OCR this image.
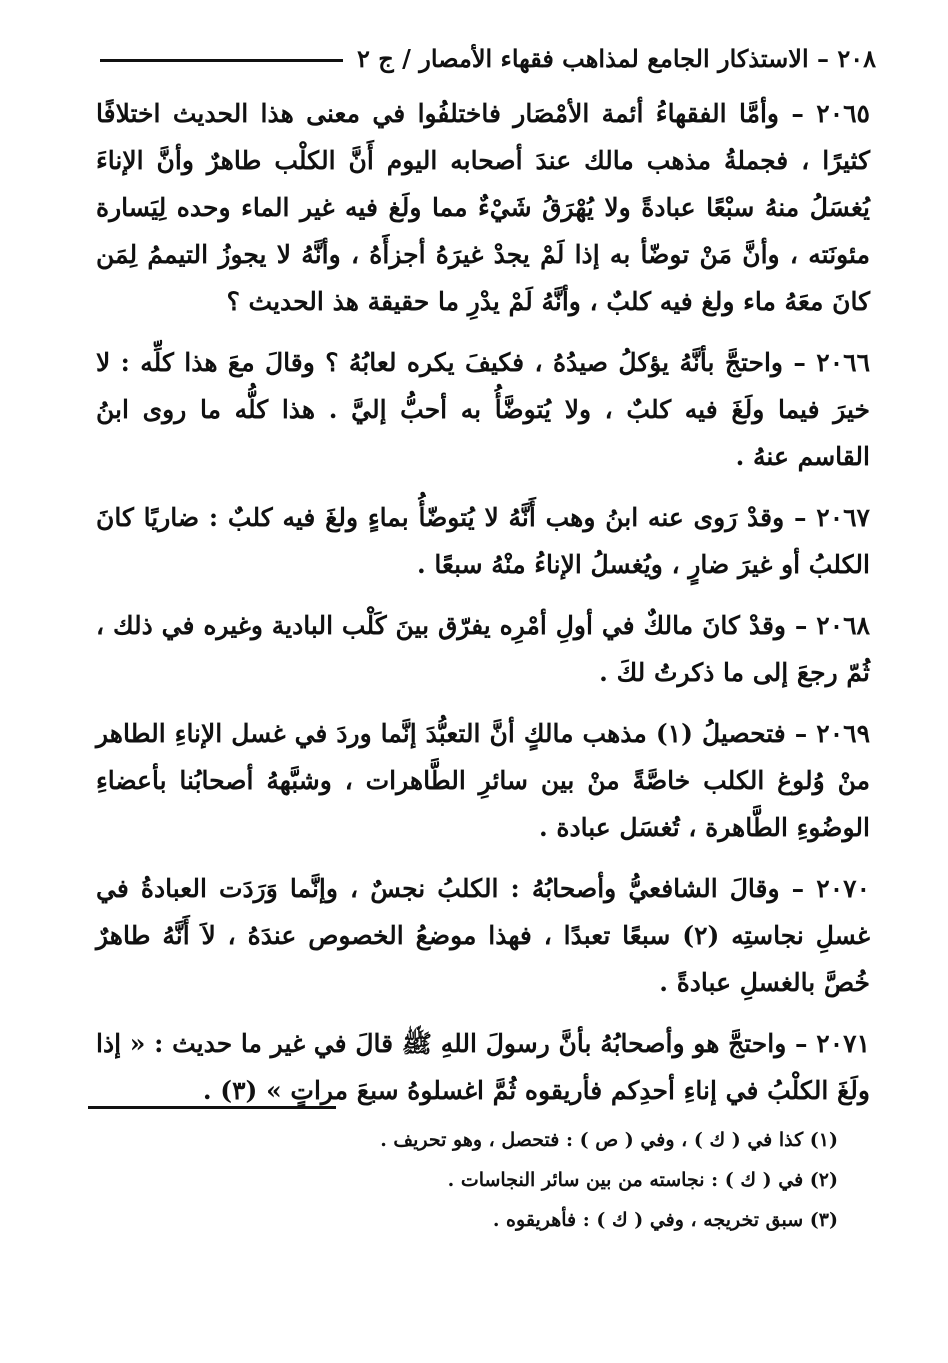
٢٠٨ – الاستذكار الجامع لمذاهب فقهاء الأمصار / ج ٢

٢٠٦٥ – وأمَّا الفقهاءُ أئمة الأمْصَار فاختلفُوا في معنى هذا الحديث اختلافًا كثيرًا ، فجملةُ مذهب مالك عندَ أصحابه اليوم أَنَّ الكلْب طاهرٌ وأنَّ الإناءَ يُغسَلُ منهُ سبْعًا عبادةً ولا يُهْرَقُ شَيْءٌ مما ولَغ فيه غير الماء وحده لِيَسارة مئونَته ، وأنَّ مَنْ توضّأ به إذا لَمْ يجدْ غيرَهُ أجزأَهُ ، وأنَّهُ لا يجوزُ التيممُ لِمَن كانَ معَهُ ماء ولغ فيه كلبٌ ، وأنَّهُ لَمْ يدْرِ ما حقيقة هذ الحديث ؟

٢٠٦٦ – واحتجَّ بأنَّهُ يؤكلُ صيدُهُ ، فكيفَ يكره لعابُهُ ؟ وقالَ معَ هذا كلِّه : لا خيرَ فيما ولَغَ فيه كلبٌ ، ولا يُتوضَّأُ به أحبُّ إليَّ . هذا كلُّه ما روى ابنُ القاسم عنهُ .

٢٠٦٧ – وقدْ رَوى عنه ابنُ وهب أَنَّهُ لا يُتوضّأُ بماءٍ ولغَ فيه كلبٌ : ضاريًا كانَ الكلبُ أو غيرَ ضارٍ ، ويُغسلُ الإناءُ منْهُ سبعًا .

٢٠٦٨ – وقدْ كانَ مالكٌ في أولِ أمْرِه يفرّق بينَ كَلْب البادية وغيره في ذلك ، ثُمّ رجعَ إلى ما ذكرتُ لكَ .

٢٠٦٩ – فتحصيلُ (١) مذهب مالكٍ أنَّ التعبُّدَ إنَّما وردَ في غسل الإناءِ الطاهر منْ وُلوغ الكلب خاصَّةً منْ بين سائرِ الطَّاهرات ، وشبَّههُ أصحابُنا بأعضاءِ الوضُوءِ الطَّاهرة ، تُغسَل عبادة .

٢٠٧٠ – وقالَ الشافعيُّ وأصحابُهُ : الكلبُ نجسٌ ، وإنَّما وَرَدَت العبادةُ في غسلِ نجاستِه (٢) سبعًا تعبدًا ، فهذا موضعُ الخصوص عندَهُ ، لاَ أَنَّهُ طاهرٌ خُصَّ بالغسلِ عبادةً .

٢٠٧١ – واحتجَّ هو وأصحابُهُ بأنَّ رسولَ اللهِ ﷺ قالَ في غير ما حديث : « إذا ولَغَ الكلْبُ في إناءِ أحدِكم فأريقوه ثُمَّ اغسلوهُ سبعَ مراتٍ » (٣) .

(١) كذا في ( ك ) ، وفي ( ص ) : فتحصل ، وهو تحريف .
(٢) في ( ك ) : نجاسته من بين سائر النجاسات .
(٣) سبق تخريجه ، وفي ( ك ) : فأهريقوه .
